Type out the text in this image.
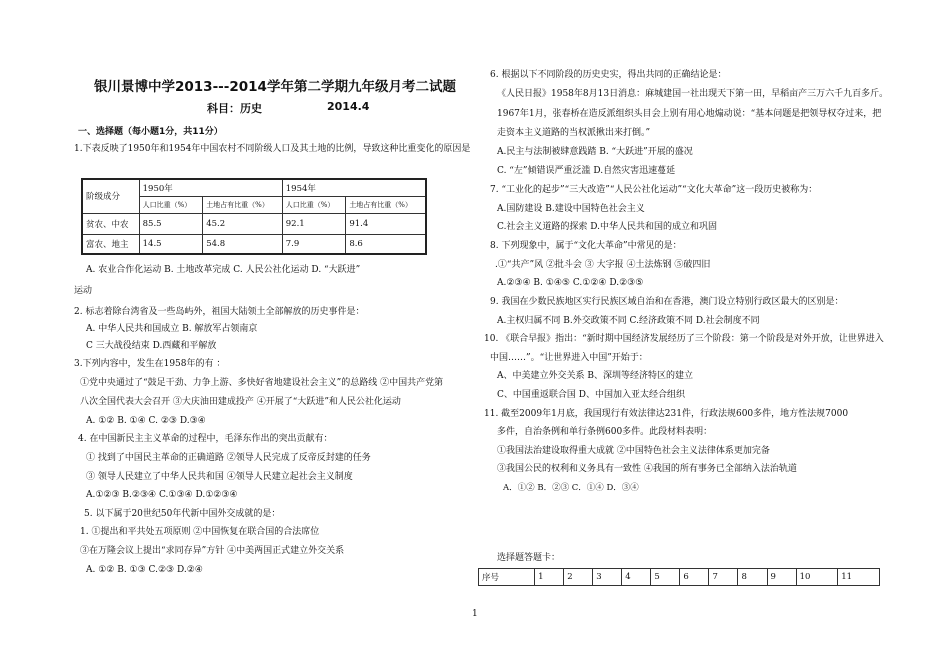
银川景博中学2013---2014学年第二学期九年级月考二试题
科目：历史	2014.4
一、选择题（每小题1分，共11分）
1.下表反映了1950年和1954年中国农村不同阶级人口及其土地的比例，导致这种比重变化的原因是
阶级成分	1950年		1954年	
	人口比重（%）	土地占有比重（%）	人口比重（%）	土地占有比重（%）
贫农、中农	85.5	45.2	92.1	91.4
富农、地主	14.5	54.8	7.9	8.6
A. 农业合作化运动 B. 土地改革完成 C. 人民公社化运动 D. “大跃进”
运动
2. 标志着除台湾省及一些岛屿外，祖国大陆领土全部解放的历史事件是：
A. 中华人民共和国成立 B. 解放军占领南京
C 三大战役结束 D.西藏和平解放
3.下列内容中，发生在1958年的有 ：
①党中央通过了“鼓足干劲、力争上游、多快好省地建设社会主义”的总路线 ②中国共产党第
八次全国代表大会召开 ③大庆油田建成投产 ④开展了“大跃进”和人民公社化运动
A. ①② B. ①④ C. ②③ D.③④
4. 在中国新民主主义革命的过程中，毛泽东作出的突出贡献有：
① 找到了中国民主革命的正确道路 ②领导人民完成了反帝反封建的任务
③ 领导人民建立了中华人民共和国 ④领导人民建立起社会主义制度
A.①②③ B.②③④ C.①③④ D.①②③④
5. 以下属于20世纪50年代新中国外交成就的是：
1. ①提出和平共处五项原则 ②中国恢复在联合国的合法席位
③在万隆会议上提出“求同存异”方针 ④中美两国正式建立外交关系
A. ①② B. ①③ C.②③ D.②④
6. 根据以下不同阶段的历史史实，得出共同的正确结论是：
《人民日报》1958年8月13日消息：麻城建国一社出现天下第一田，早稻亩产三万六千九百多斤。
1967年1月，张春桥在造反派组织头目会上别有用心地煽动说：“基本问题是把领导权夺过来，把
走资本主义道路的当权派揪出来打倒。”
A.民主与法制被肆意践踏 B. “大跃进”开展的盛况
C. “左”倾错误严重泛滥 D.自然灾害迅速蔓延
7. “工业化的起步”“三大改造”“人民公社化运动”“文化大革命”这一段历史被称为：
A.国防建设 B.建设中国特色社会主义
C.社会主义道路的探索 D.中华人民共和国的成立和巩固
8. 下列现象中，属于“文化大革命”中常见的是：
.①“共产”风 ②批斗会 ③ 大字报 ④土法炼钢 ⑤破四旧
A.②③④ B. ①④⑤ C.①②④ D.②③⑤
9. 我国在少数民族地区实行民族区域自治和在香港，澳门设立特别行政区最大的区别是：
A.主权归属不同 B.外交政策不同 C.经济政策不同 D.社会制度不同
10. 《联合早报》指出：“新时期中国经济发展经历了三个阶段：第一个阶段是对外开放，让世界进入
中国……”。“让世界进入中国”开始于：
A、中美建立外交关系 B、深圳等经济特区的建立
C、中国重返联合国 D、中国加入亚太经合组织
11. 截至2009年1月底，我国现行有效法律达231件，行政法规600多件，地方性法规7000
多件，自治条例和单行条例600多件。此段材料表明：
①我国法治建设取得重大成就 ②中国特色社会主义法律体系更加完备
③我国公民的权利和义务具有一致性 ④我国的所有事务已全部纳入法治轨道
A．①② B．②③ C．①④ D．③④
选择题答题卡：
序号	1	2	3	4	5	6	7	8	9	10	11
1
